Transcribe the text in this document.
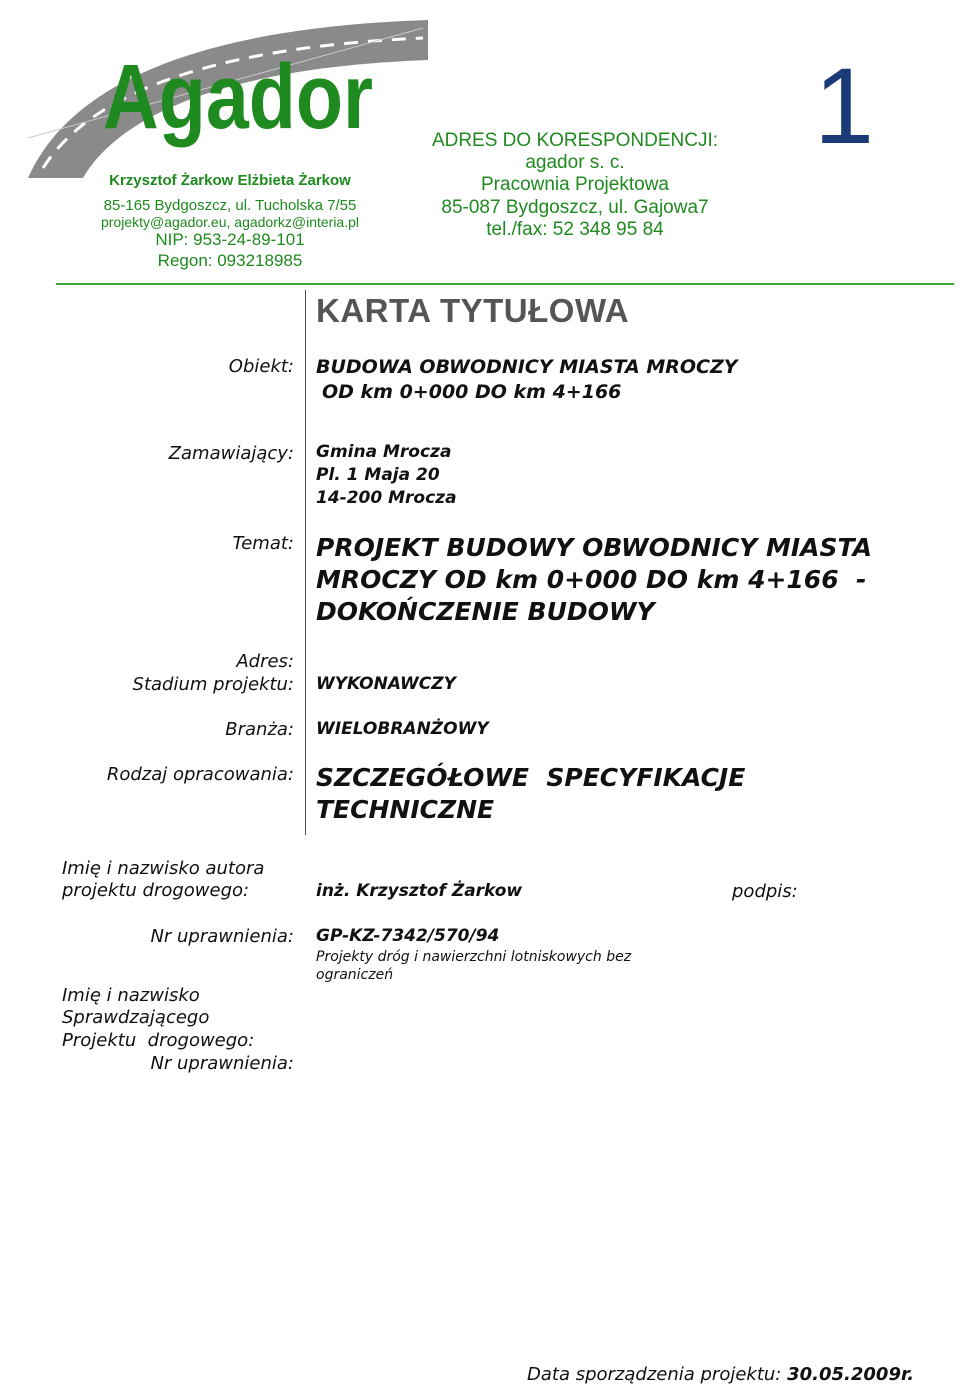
Agador
Krzysztof Żarkow Elżbieta Żarkow
85-165 Bydgoszcz, ul. Tucholska 7/55
projekty@agador.eu, agadorkz@interia.pl
NIP: 953-24-89-101
Regon: 093218985
ADRES DO KORESPONDENCJI:
agador s. c.
Pracownia Projektowa
85-087 Bydgoszcz, ul. Gajowa7
tel./fax: 52 348 95 84
1
KARTA TYTUŁOWA
Obiekt: BUDOWA OBWODNICY MIASTA MROCZY
OD km 0+000 DO km 4+166
Zamawiający: Gmina Mrocza
Pl. 1 Maja 20
14-200 Mrocza
Temat: PROJEKT BUDOWY OBWODNICY MIASTA
MROCZY OD km 0+000 DO km 4+166  -
DOKOŃCZENIE BUDOWY
Adres:
Stadium projektu: WYKONAWCZY
Branża: WIELOBRANŻOWY
Rodzaj opracowania: SZCZEGÓŁOWE  SPECYFIKACJE
TECHNICZNE
Imię i nazwisko autora
projektu drogowego:	inż. Krzysztof Żarkow	podpis:
Nr uprawnienia: GP-KZ-7342/570/94
Projekty dróg i nawierzchni lotniskowych bez
ograniczeń
Imię i nazwisko
Sprawdzającego
Projektu  drogowego:
Nr uprawnienia:
Data sporządzenia projektu: 30.05.2009r.
